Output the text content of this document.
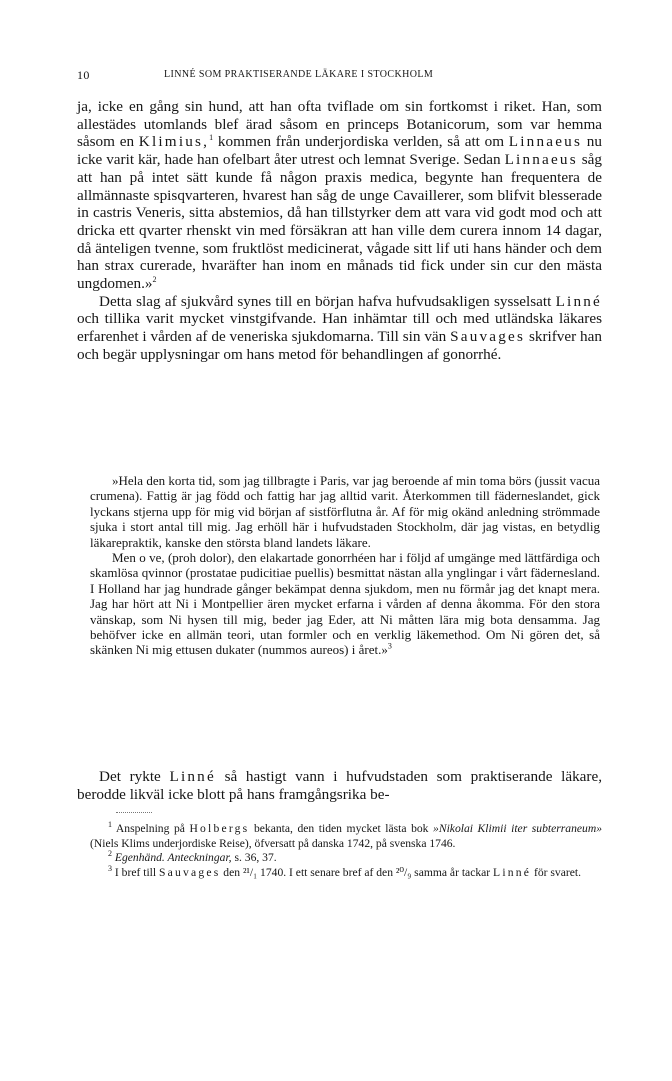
10	LINNÉ SOM PRAKTISERANDE LÄKARE I STOCKHOLM

ja, icke en gång sin hund, att han ofta tviflade om sin fortkomst i riket. Han, som allestädes utomlands blef ärad såsom en princeps Botanicorum, som var hemma såsom en Klimius,$^1$ kommen från underjordiska verlden, så att om Linnaeus nu icke varit kär, hade han ofelbart åter utrest och lemnat Sverige. Sedan Linnaeus såg att han på intet sätt kunde få någon praxis medica, begynte han frequentera de allmännaste spisqvarteren, hvarest han såg de unge Cavaillerer, som blifvit blesserade in castris Veneris, sitta abstemios, då han tillstyrker dem att vara vid godt mod och att dricka ett qvarter rhenskt vin med försäkran att han ville dem curera innom 14 dagar, då änteligen tvenne, som fruktlöst medicinerat, vågade sitt lif uti hans händer och dem han strax curerade, hvaräfter han inom en månads tid fick under sin cur den mästa ungdomen.»$^2$

Detta slag af sjukvård synes till en början hafva hufvudsakligen sysselsatt Linné och tillika varit mycket vinstgifvande. Han inhämtar till och med utländska läkares erfarenhet i vården af de veneriska sjukdomarna. Till sin vän Sauvages skrifver han och begär upplysningar om hans metod för behandlingen af gonorrhé.

»Hela den korta tid, som jag tillbragte i Paris, var jag beroende af min toma börs (jussit vacua crumena). Fattig är jag född och fattig har jag alltid varit. Återkommen till fäderneslandet, gick lyckans stjerna upp för mig vid början af sistförflutna år. Af för mig okänd anledning strömmade sjuka i stort antal till mig. Jag erhöll här i hufvudstaden Stockholm, där jag vistas, en betydlig läkarepraktik, kanske den största bland landets läkare.

Men o ve, (proh dolor), den elakartade gonorrhéen har i följd af umgänge med lättfärdiga och skamlösa qvinnor (prostatae pudicitiae puellis) besmittat nästan alla ynglingar i vårt fädernesland. I Holland har jag hundrade gånger bekämpat denna sjukdom, men nu förmår jag det knapt mera. Jag har hört att Ni i Montpellier ären mycket erfarna i vården af denna åkomma. För den stora vänskap, som Ni hysen till mig, beder jag Eder, att Ni måtten lära mig bota densamma. Jag behöfver icke en allmän teori, utan formler och en verklig läkemethod. Om Ni gören det, så skänken Ni mig ettusen dukater (nummos aureos) i året.»$^3$

Det rykte Linné så hastigt vann i hufvudstaden som praktiserande läkare, berodde likväl icke blott på hans framgångsrika be-

$^1$ Anspelning på Holbergs bekanta, den tiden mycket lästa bok »Nikolai Klimii iter subterraneum» (Niels Klims underjordiske Reise), öfversatt på danska 1742, på svenska 1746.

$^2$ Egenhänd. Anteckningar, s. 36, 37.

$^3$ I bref till Sauvages den ²¹/₁ 1740. I ett senare bref af den ²⁰/₉ samma år tackar Linné för svaret.
